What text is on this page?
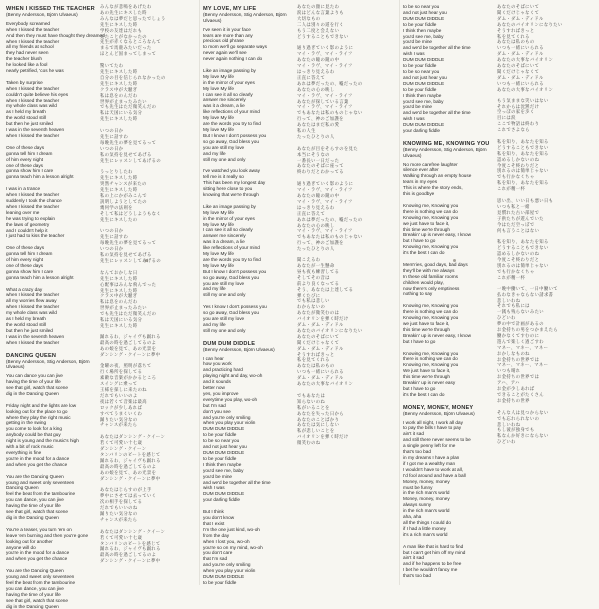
WHEN I KISSED THE TEACHER
(Benny Andersson, Björn Ulvaeus)
Everybody screamed
when I kissed the teacher
And then they must have thought they dreamed
when I kissed the teacher
all my friends at school
they had never seen
the teacher blush
he looked like a fool
nearly petrified, 'cos he was

Taken by surprise
when I kissed the teacher
couldn't quite believe his eyes
when I kissed the teacher
my whole class was wild
as I held my breath
the world stood still
but then he just smiled
I was in the seventh heaven
when I kissed the teacher

One of these days
gonna tell him I dream
of him every night
one of these days
gonna show him I care
gonna teach him a lesson alright

I was in a trance
when I kissed the teacher
suddenly I took the chance
when I kissed the teacher
leaning over me
he was trying to explain
the laws of geometry
and I couldn't help it
I just had to kiss the teacher

One of these days
gonna tell him I dream
of him every night
one of these days
gonna show him I care
gonna teach him a lesson alright

What a crazy day
when I kissed the teacher
all my worries flew away
when I kissed the teacher
my whole class was wild
as I held my breath
the world stood still
but then he just smiled
I was in the seventh heaven
when I kissed the teacher
DANCING QUEEN
(Benny Andersson, Stig Anderson, Björn Ulvaeus)
You can dance you can jive
having the time of your life
see that girl, watch that scene
dig in the Dancing Queen

Friday night and the lights are low
looking out for the place to go
where they play the right music
getting in the swing
you come to look for a king
anybody could be that guy
night is young and the music's high
with a bit of rock music
everything is fine
you're in the mood for a dance
and when you get the chance

You are the Dancing Queen
young and sweet only seventeen
Dancing Queen
feel the beat from the tambourine
you can dance, you can jive
having the time of your life
see that girl, watch that scene
dig in the Dancing Queen

You're a teaser, you turn 'em on
leave 'em burning and then you're gone
looking out for another
anyone will do
you're in the mood for a dance
and when you get the chance

You are the Dancing Queen
young and sweet only seventeen
feel the beat from the tambourine
you can dance, you can jive
having the time of your life
see that girl, watch that scene
dig in the Dancing Queen
みんなが悲鳴をあげたわ
あの先生にキスした時
みんなは夢だと思ったでしょう
先生にキスした時
学校の友達はだれも
見たことがなかったの
先生が赤くなるところなんて
まるで馬鹿みたいだった
ほとんど固まってしまって

驚いてたわ
先生にキスした時
自分の目を信じられなかったの
先生にキスした時
クラス中が大騒ぎ
私は息をのんだわ
世界が止まったみたい
でも先生はただ微笑んだの
私は天国にいる気分
先生にキスした時

いつの日か
先生に話すわ
毎晩先生の夢を見てるって
いつの日か
私の気持を見せてあげる
先生にレッスンしてあげるの

うっとりしたわ
先生にキスした時
突然チャンスが来たの
先生にキスした時
私の上にかがみこんで
説明しようとしてたの
幾何学の法則を
そして私はどうしようもなく
先生にキスしたの

いつの日か
先生に話すわ
毎晩先生の夢を見てるって
いつの日か
私の気持を見せてあげる
先生にレッスンしてあげるの

なんておかしな日
先生にキスした時
心配事はみんな飛んでった
先生にキスした時
クラス中が大騒ぎ
私は息をのんだわ
世界が止まったみたい
でも先生はただ微笑んだの
私は天国にいる気分
先生にキスした時
踊れるわ、ジャイヴも踊れる
最高の時を過ごしてるのよ
あの娘を見て、あの光景を
ダンシング・クイーンに夢中

金曜の夜、照明が落ちて
行く場所を探してる
素敵な音楽がかかるところ
スイングに乗って
王様を探しに来たのね
だれでもいいのよ
夜は若くて音楽は最高
ロックが少しあれば
すべてうまくいくわ
踊りたい気分なの
チャンスが来たら

あなたはダンシング・クイーン
若くて可愛い十七歳
ダンシング・クイーン
タンバリンのビートを感じて
踊れるわ、ジャイヴも踊れる
最高の時を過ごしてるのよ
あの娘を見て、あの光景を
ダンシング・クイーンに夢中

あなたはじらすのが上手
夢中にさせては去っていく
次の相手を探してる
だれでもいいのね
踊りたい気分なの
チャンスが来たら

あなたはダンシング・クイーン
若くて可愛い十七歳
タンバリンのビートを感じて
踊れるわ、ジャイヴも踊れる
最高の時を過ごしてるのよ
ダンシング・クイーンに夢中
MY LOVE, MY LIFE
(Benny Andersson, Stig Anderson, Björn Ulvaeus)
I've seen it in your face
tears are more than any
precious old phrase
to mom we'll go separate ways
never again we'll see
never again nothing I can do

Like an image passing by
My love My life
in the mirror of your eyes
My love My life
I can see it all so clearly
answer me sincerely
was it a dream, a lie
like reflections of your mind
My love My life
are the words you try to find
My love My life
But I know I don't possess you
so go away, God bless you
you are still my love
and my life
still my one and only

I've watched you look away
tell me is it really so
This has been my longest day
sitting here close to you
knowing that we're through

Like an image passing by
My love My life
in the mirror of your eyes
My love My life
I can see it all so clearly
answer me sincerely
was it a dream, a lie
like reflections of your mind
My love My life
are the words you try to find
My love My life
But I know I don't possess you
so go away, God bless you
you are still my love
and my life
still my one and only

Yes I know I don't possess you
so go away, God bless you
you are still my love
and my life
still my one and only
DUM DUM DIDDLE
(Benny Andersson, Björn Ulvaeus)
I can hear
how you work
and practicing hard
playing night and day, wo-oh
and it sounds
better now
yes, you improve
everytime you play, wo-oh
but I'm sad
don't you see
and you're only smiling
when you play your violin
DUM DUM DIDDLE
to be your fiddle
to be so near you
and not just hear you
DUM DUM DIDDLE
to be your fiddle
I think then maybe
you'd see me, baby
you'd be mine
and we'd be together all the time
wish I was
DUM DUM DIDDLE
your darling fiddle

But I think
you don't know
that I exist
I'm the one just kind, wo-oh
from the day
when I lost you, wo-oh
you're so on my mind, wo-oh
you don't care
that I'm sad
and you're only smiling
when you play your violin
DUM DUM DIDDLE
to be your fiddle
あなたの顔に見たわ
涙はどんな言葉よりも
大切なもの
二人は別々の道を行く
もう二度と会えない
どうすることもできない

通り過ぎていく影のように
マイ・ラヴ、マイ・ライフ
あなたの瞳の鏡の中
マイ・ラヴ、マイ・ライフ
はっきり見えるわ
正直に答えて
あれは夢だったの、嘘だったの
あなたの心の映し
マイ・ラヴ、マイ・ライフ
あなたが探している言葉
マイ・ラヴ、マイ・ライフ
でもあなたは私のものじゃない
行って、神のご加護を
あなたはまだ私の愛
私の人生
たったひとりの人

あなたが目をそらすのを見た
本当にそうなの
一番長い一日だった
あなたのそばに座って
終わりだとわかってる

通り過ぎていく影のように
マイ・ラヴ、マイ・ライフ
あなたの瞳の鏡の中
マイ・ラヴ、マイ・ライフ
はっきり見えるわ
正直に答えて
あれは夢だったの、嘘だったの
あなたの心の映し
マイ・ラヴ、マイ・ライフ
でもあなたは私のものじゃない
行って、神のご加護を
たったひとりの人
聞こえるわ
あなたが一生懸命
昼も夜も練習してる
そしてその音は
前より良くなってる
そう、あなたは上達してる
弾くたびに
でも私は悲しい
わからないの
あなたが微笑むのは
バイオリンを弾く時だけ
ダム・ダム・ディドル
あなたのバイオリンになりたい
あなたのそばにいて
聞くだけじゃなくて
ダム・ダム・ディドル
そうすればきっと
私を見てくれる
あなたは私のもの
いつも一緒にいられる
ダム・ダム・ディドル
あなたの大事なバイオリン

でもあなたは
知らないのね
私がいることを
あなたを失った日から
あなたのことばかり
あなたは気にしない
私が悲しいことを
バイオリンを弾く時だけ
微笑むのね
to be so near you
and not just hear you
DUM DUM DIDDLE
to be your fiddle
I think then maybe
you'd see me, baby
you'd be mine
and we'd be together all the time
wish I was
DUM DUM DIDDLE
to be your fiddle
to be so near you
and not just hear you
DUM DUM DIDDLE
to be your fiddle
I think then maybe
you'd see me, baby
you'd be mine
and we'd be together all the time
wish I was
DUM DUM DIDDLE
your darling fiddle
KNOWING ME, KNOWING YOU
(Benny Andersson, Stig Anderson, Björn Ulvaeus)
No more carefree laughter
silence ever after
Walking through an empty house
tears in my eyes
This is where the story ends,
this is goodbye

Knowing me, Knowing you
there is nothing we can do
Knowing me, Knowing you
we just have to face it,
this time we're through
Breakin' up is never easy, I know
but I have to go
Knowing me, Knowing you
it's the best I can do

Mem'ries, good days, bad days
they'll be with me always
In these old familiar rooms
children would play,
now there's only emptiness
nothing to say

Knowing me, Knowing you
there is nothing we can do
Knowing me, Knowing you
we just have to face it,
this time we're through
Breakin' up is never easy, I know
but I have to go

Knowing me, Knowing you
there is nothing we can do
Knowing me, Knowing you
We just have to face it,
this time we're through
Breakin' up is never easy
but I have to go
it's the best I can do
MONEY, MONEY, MONEY
(Benny Andersson, Björn Ulvaeus)
I work all night, I work all day
to pay the bills I have to pay
ain't it sad
and still there never seems to be
a single penny left for me
that's too bad
in my dreams I have a plan
if I got me a wealthy man
I wouldn't have to work at all,
I'd fool around and have a ball
Money, money, money
must be funny
in the rich man's world
Money, money, money
always sunny
in the rich man's world
aha, aha
all the things I could do
if I had a little money
it's a rich man's world

A man like that is hard to find
but I can't get him off my mind
ain't it sad
and if he happens to be free
I bet he wouldn't fancy me
that's too bad
あなたのそばにいて
聞くだけじゃなくて
ダム・ダム・ディドル
あなたのバイオリンになりたい
そうすればきっと
私を見てくれる
あなたは私のもの
いつも一緒にいられる
ダム・ダム・ディドル
あなたの大事なバイオリン
あなたのそばにいて
聞くだけじゃなくて
ダム・ダム・ディドル
いつも一緒にいられる
あなたの大事なバイオリン
もう気ままな笑いはない
それからは沈黙だけ
空っぽの家を歩く
目には涙
ここで物語は終わり
これでさよなら

私を知り、あなたを知る
どうすることもできない
私を知り、あなたを知る
認めるしかないのね
今度こそ終わりだと
別れるのは簡単じゃない
でも行かなくちゃ
私を知り、あなたを知る
これが精一杯

思い出、いい日も悪い日も
いつも私と一緒
見慣れた古い部屋で
子供たちが遊んでいた
今はただ空っぽで
何も言うことはない

私を知り、あなたを知る
どうすることもできない
認めるしかないのね
今度こそ終わりだと
別れるのは簡単じゃない
でも行かなくちゃ
これが精一杯
一晩中働いて、一日中働いて
払わなきゃならない請求書
悲しいわね
それでも私には
一銭も残らないみたい
ひどいわ
夢の中で計画があるの
お金持ちの男をつかまえたら
働かなくてすむのに
遊んで楽しく過ごすわ
マネー、マネー、マネー
おかしなものね
お金持ちの世界では
マネー、マネー、マネー
いつも晴れ
お金持ちの世界では
アハ、アハ
お金が少しあれば
できることがたくさん
お金持ちの世界

そんな人は見つからない
でも忘れられないの
悲しいわね
もし彼が独身でも
私なんか好きにならない
ひどいわ
